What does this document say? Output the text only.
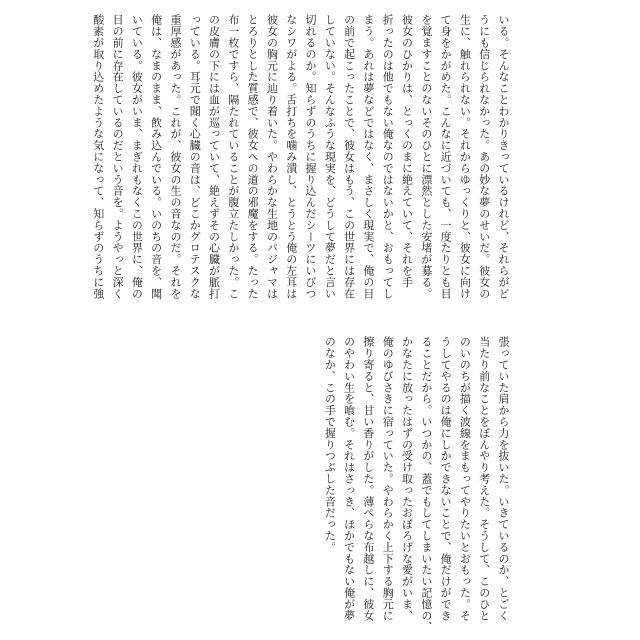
いる。そんなことわかりきっているけれど、それらがど
うにも信じられなかった。あの妙な夢のせいだ。彼女の
生に、触れられない。それからゆっくりと、彼女に向け
て身をかがめた。こんなに近づいても、一度たりとも目
を覚ますことのないそのひとに漂然とした安堵が募る。
彼女のひかりは、とっくのまに絶えていて、それを手
折ったのは他でもない俺なのではないかと、おもってし
まう。あれは夢などではなく、まさしく現実で、俺の目
の前で起こったことで、彼女はもう、この世界には存在
していない。そんなふうな現実を、どうして夢だと言い
切れるのか。知らずのうちに握り込んだシーツにいびつ
なシワがよる。舌打ちを噛み潰し、とうとう俺の左耳は
彼女の胸元に辿り着いた。やわらかな生地のパジャマは
とろりとした質感で、彼女への道の邪魔をする。たった
布一枚ですら、隔たれていることが腹立たしかった。こ
の皮膚の下には血が巡っていて、絶えずその心臓が脈打
っている。耳元で聞く心臓の音は、どこかグロテスクな
重厚感があった。これが、彼女の生の音なのだ。それを
俺は、なまのまま、飲み込んでいる。いのちの音を、聞
いている。彼女がいま、まぎれもなくこの世界に、俺の
目の前に存在しているのだという音を。ようやっと深く
酸素が取り込めたような気になって、知らずのうちに強
張っていた肩から力を抜いた。いきているのか、とごく
当たり前なことをぼんやり考えた。そうして、このひと
のいのちが描く波線をまもってやりたいとおもった。そ
うしてやるのは俺にしかできないことで、俺だけができ
ることだから。いつかの、蓋でもしてしまいたい記憶の、
かなたに放ったはずの受け取ったおぼろげな愛がいま、
俺のゆびさきに宿っていた。やわらかく上下する胸元に
擦り寄ると、甘い香りがした。薄ぺらな布越しに、彼女
のやわい生を喰む。それはさっき、ほかでもない俺が夢
のなか、この手で握りつぶした音だった。
